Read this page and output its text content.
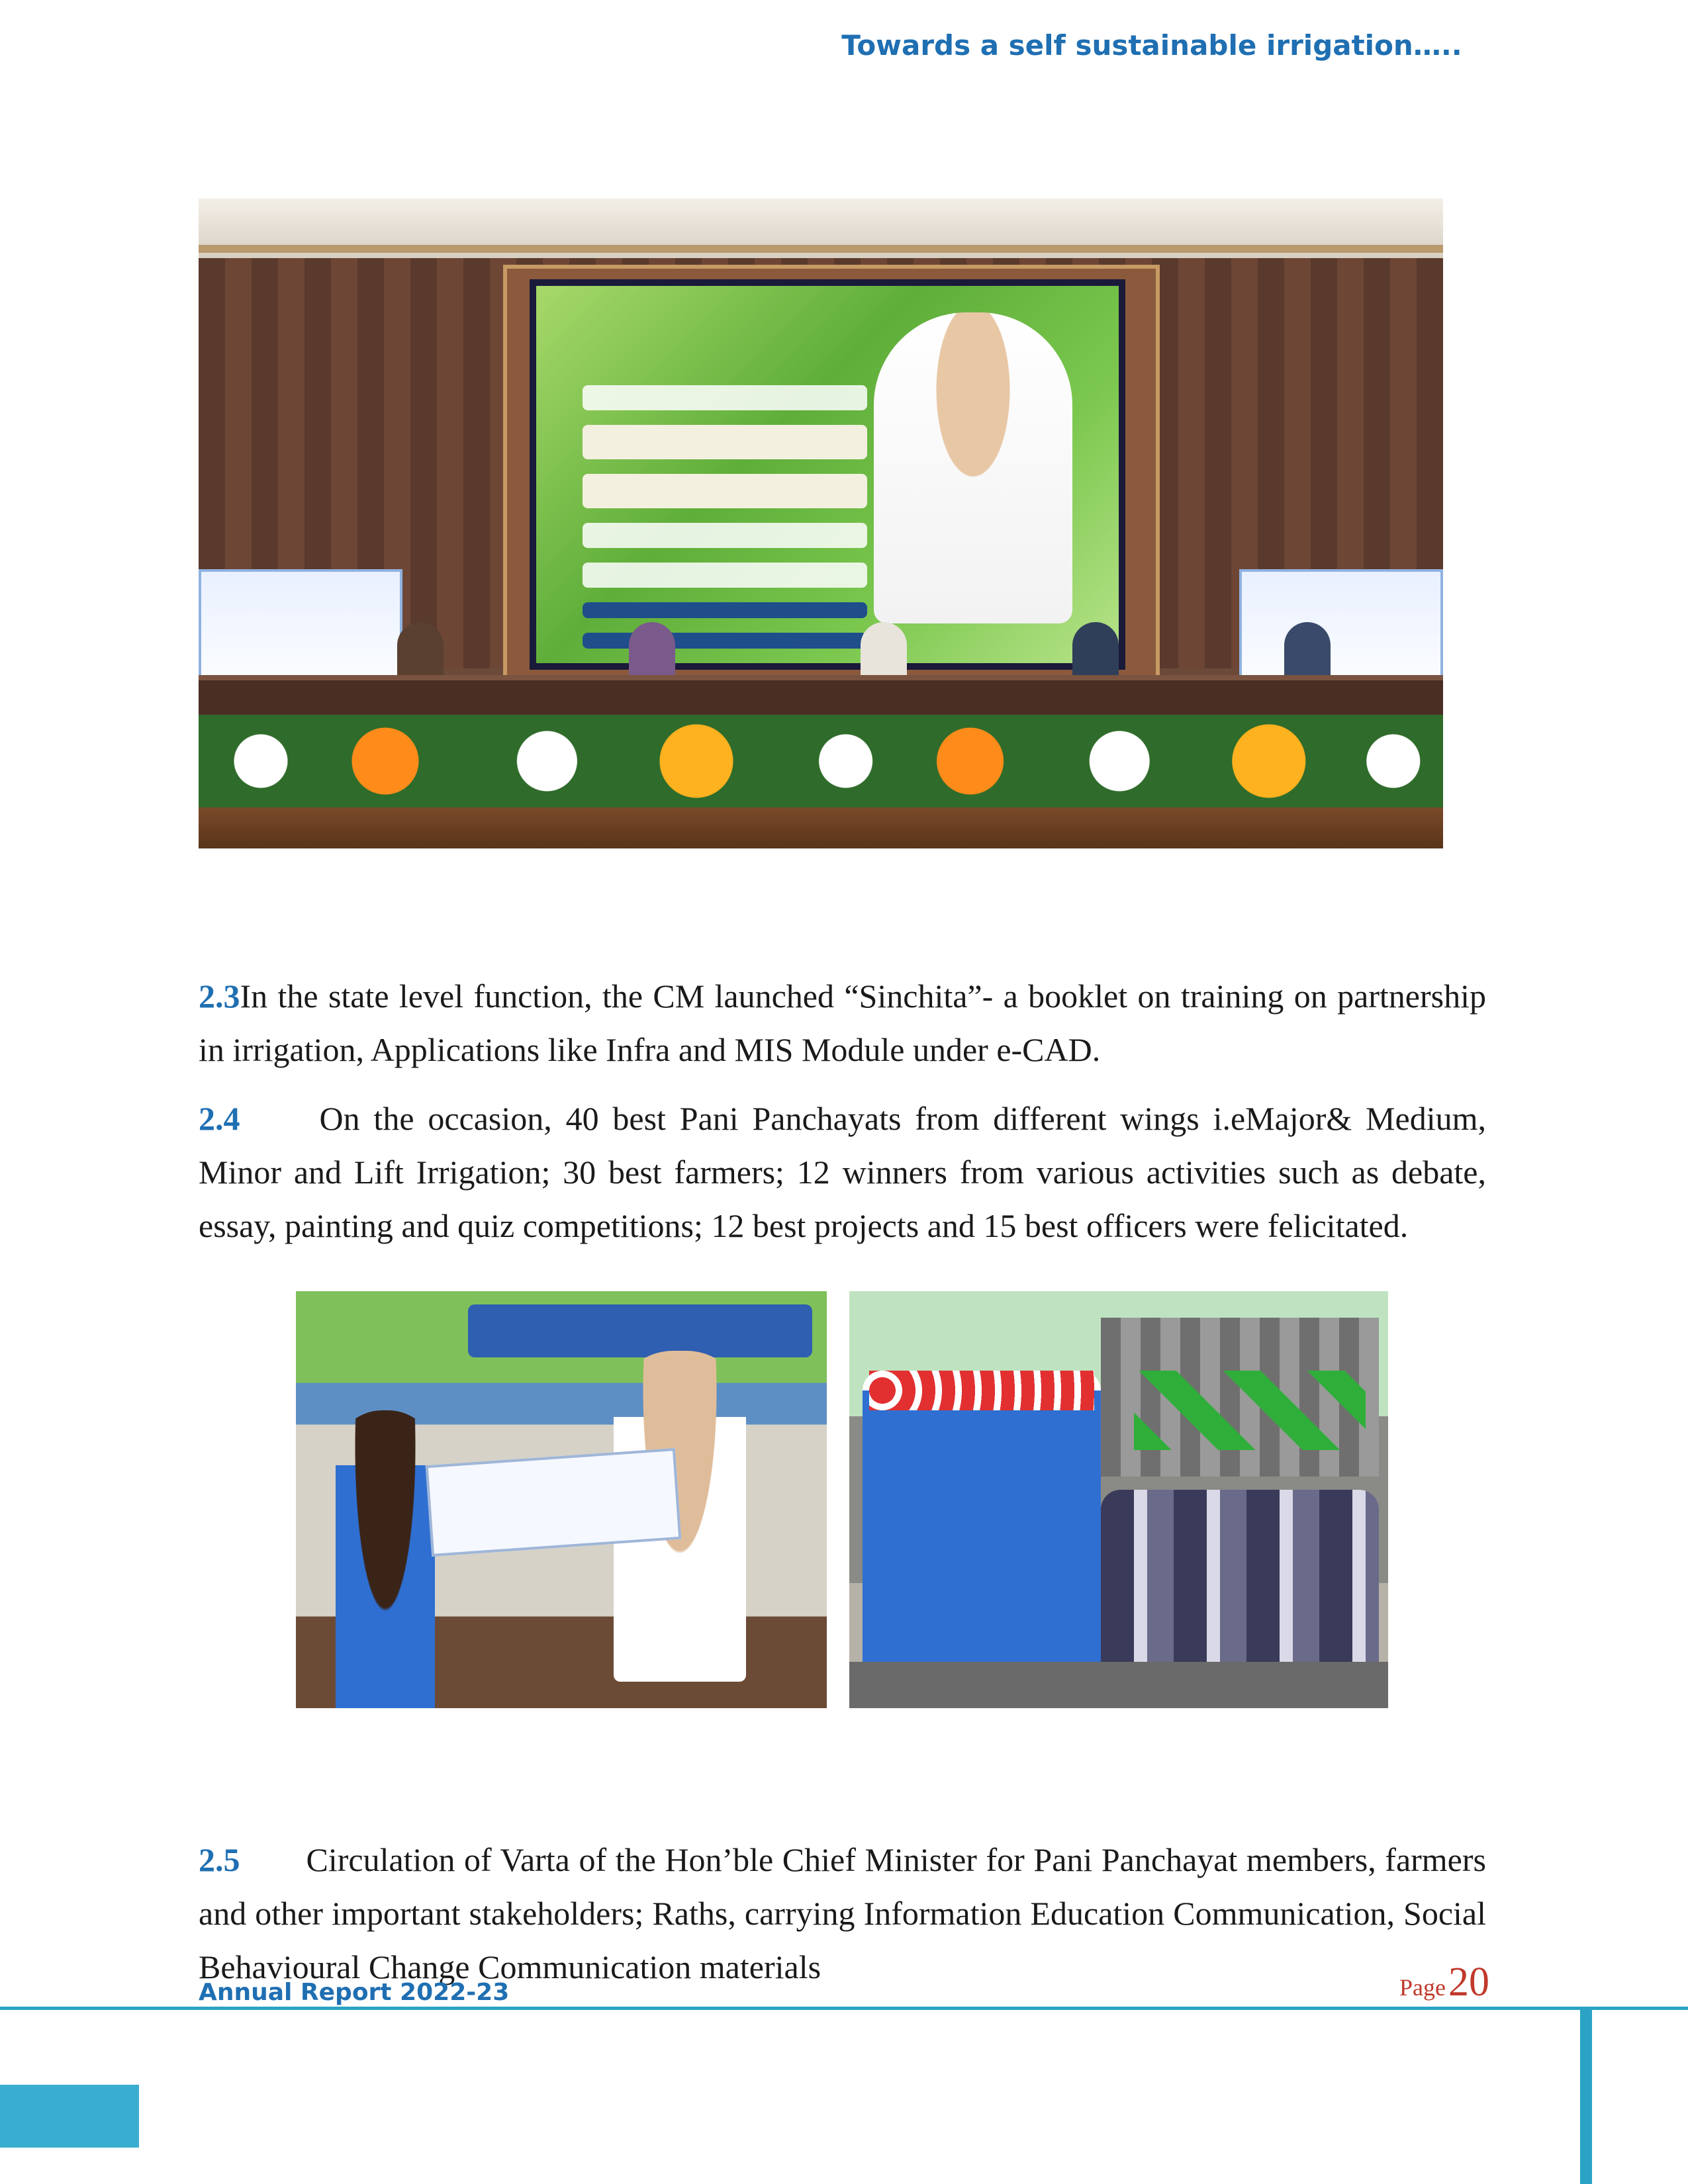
Towards a self sustainable irrigation…..

2.3In the state level function, the CM launched “Sinchita”- a booklet on training on partnership in irrigation, Applications like Infra and MIS Module under e-CAD.

2.4 On the occasion, 40 best Pani Panchayats from different wings i.eMajor& Medium, Minor and Lift Irrigation; 30 best farmers; 12 winners from various activities such as debate, essay, painting and quiz competitions; 12 best projects and 15 best officers were felicitated.

2.5 Circulation of Varta of the Hon’ble Chief Minister for Pani Panchayat members, farmers and other important stakeholders; Raths, carrying Information Education Communication, Social Behavioural Change Communication materials

Annual Report 2022-23	Page 20
